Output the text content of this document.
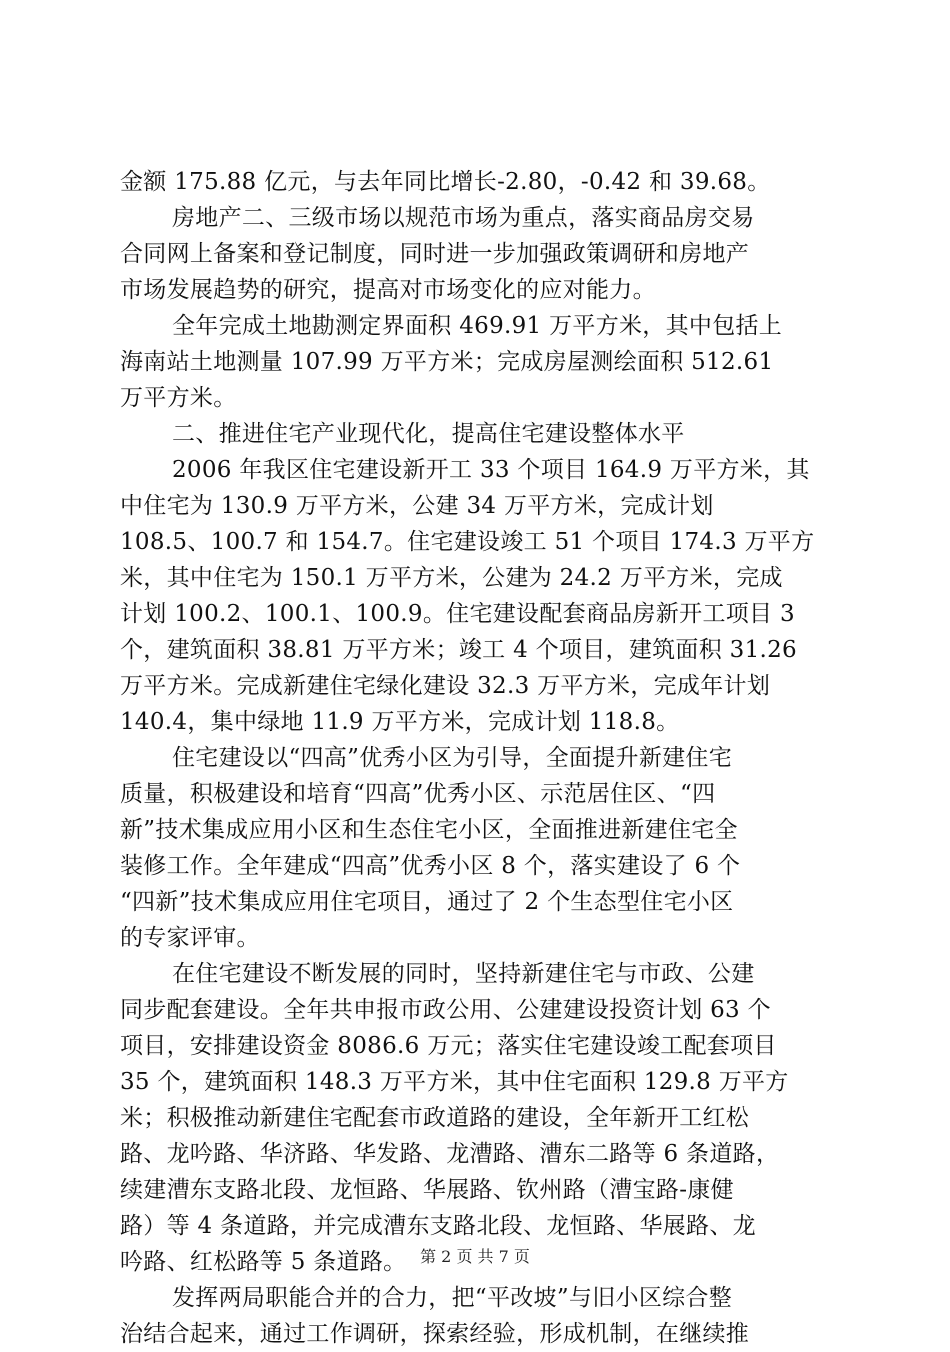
金额 175.88 亿元，与去年同比增长-2.80，-0.42 和 39.68。
房地产二、三级市场以规范市场为重点，落实商品房交易
合同网上备案和登记制度，同时进一步加强政策调研和房地产
市场发展趋势的研究，提高对市场变化的应对能力。
全年完成土地勘测定界面积 469.91 万平方米，其中包括上
海南站土地测量 107.99 万平方米；完成房屋测绘面积 512.61
万平方米。
二、推进住宅产业现代化，提高住宅建设整体水平
2006 年我区住宅建设新开工 33 个项目 164.9 万平方米，其
中住宅为 130.9 万平方米，公建 34 万平方米，完成计划
108.5、100.7 和 154.7。住宅建设竣工 51 个项目 174.3 万平方
米，其中住宅为 150.1 万平方米，公建为 24.2 万平方米，完成
计划 100.2、100.1、100.9。住宅建设配套商品房新开工项目 3
个，建筑面积 38.81 万平方米；竣工 4 个项目，建筑面积 31.26
万平方米。完成新建住宅绿化建设 32.3 万平方米，完成年计划
140.4，集中绿地 11.9 万平方米，完成计划 118.8。
住宅建设以“四高”优秀小区为引导，全面提升新建住宅
质量，积极建设和培育“四高”优秀小区、示范居住区、“四
新”技术集成应用小区和生态住宅小区，全面推进新建住宅全
装修工作。全年建成“四高”优秀小区 8 个，落实建设了 6 个
“四新”技术集成应用住宅项目，通过了 2 个生态型住宅小区
的专家评审。
在住宅建设不断发展的同时，坚持新建住宅与市政、公建
同步配套建设。全年共申报市政公用、公建建设投资计划 63 个
项目，安排建设资金 8086.6 万元；落实住宅建设竣工配套项目
35 个，建筑面积 148.3 万平方米，其中住宅面积 129.8 万平方
米；积极推动新建住宅配套市政道路的建设，全年新开工红松
路、龙吟路、华济路、华发路、龙漕路、漕东二路等 6 条道路，
续建漕东支路北段、龙恒路、华展路、钦州路（漕宝路-康健
路）等 4 条道路，并完成漕东支路北段、龙恒路、华展路、龙
吟路、红松路等 5 条道路。
发挥两局职能合并的合力，把“平改坡”与旧小区综合整
治结合起来，通过工作调研，探索经验，形成机制，在继续推
第 2 页 共 7 页
